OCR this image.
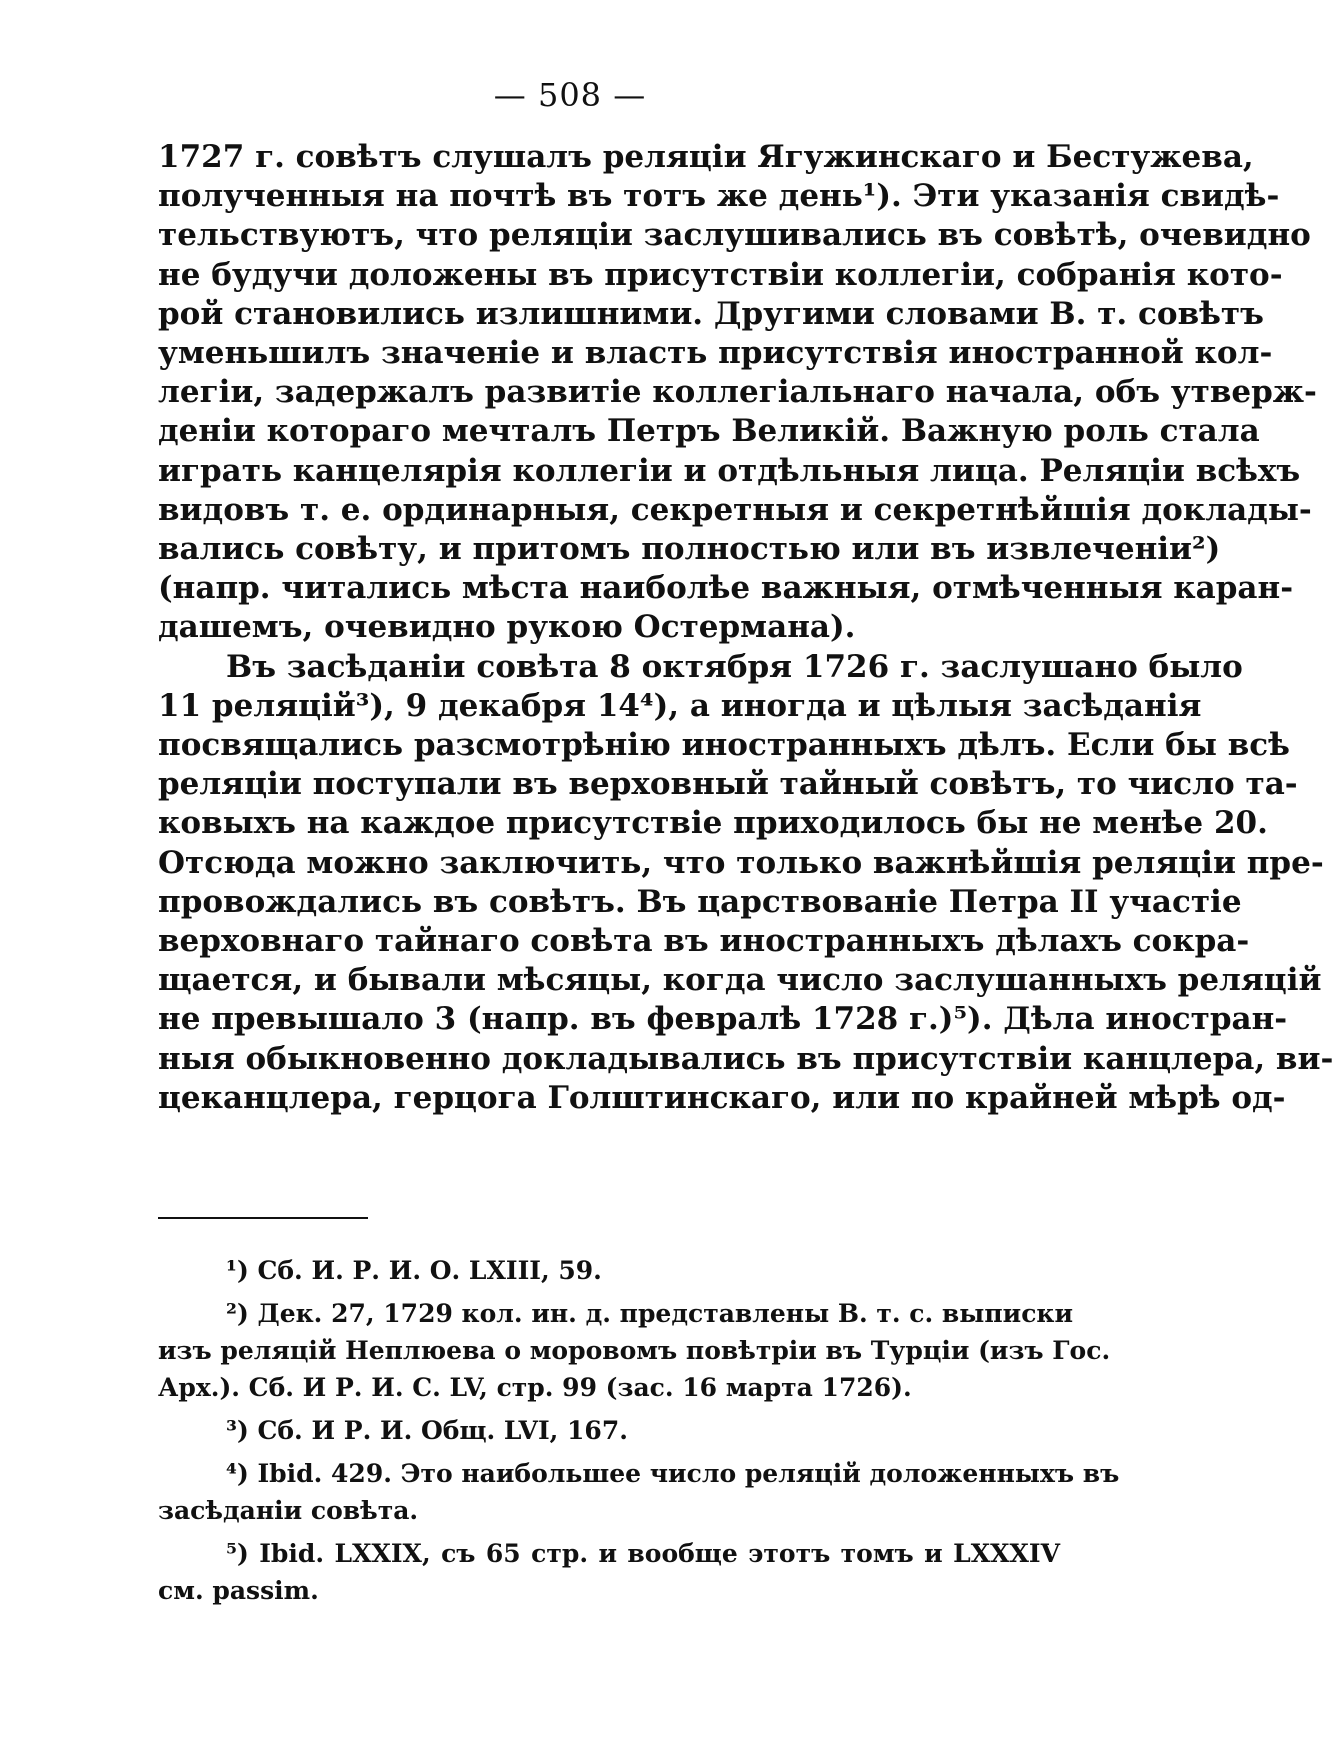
— 508 —
1727 г. совѣтъ слушалъ реляціи Ягужинскаго и Бестужева,
полученныя на почтѣ въ тотъ же день¹). Эти указанія свидѣ-
тельствуютъ, что реляціи заслушивались въ совѣтѣ, очевидно
не будучи доложены въ присутствіи коллегіи, собранія кото-
рой становились излишними. Другими словами В. т. совѣтъ
уменьшилъ значеніе и власть присутствія иностранной кол-
легіи, задержалъ развитіе коллегіальнаго начала, объ утверж-
деніи котораго мечталъ Петръ Великій. Важную роль стала
играть канцелярія коллегіи и отдѣльныя лица. Реляціи всѣхъ
видовъ т. е. ординарныя, секретныя и секретнѣйшія доклады-
вались совѣту, и притомъ полностью или въ извлеченіи²)
(напр. читались мѣста наиболѣе важныя, отмѣченныя каран-
дашемъ, очевидно рукою Остермана).
Въ засѣданіи совѣта 8 октября 1726 г. заслушано было
11 реляцій³), 9 декабря 14⁴), а иногда и цѣлыя засѣданія
посвящались разсмотрѣнію иностранныхъ дѣлъ. Если бы всѣ
реляціи поступали въ верховный тайный совѣтъ, то число та-
ковыхъ на каждое присутствіе приходилось бы не менѣе 20.
Отсюда можно заключить, что только важнѣйшія реляціи пре-
провождались въ совѣтъ. Въ царствованіе Петра II участіе
верховнаго тайнаго совѣта въ иностранныхъ дѣлахъ сокра-
щается, и бывали мѣсяцы, когда число заслушанныхъ реляцій
не превышало 3 (напр. въ февралѣ 1728 г.)⁵). Дѣла иностран-
ныя обыкновенно докладывались въ присутствіи канцлера, ви-
цеканцлера, герцога Голштинскаго, или по крайней мѣрѣ од-
¹) Сб. И. Р. И. О. LXIII, 59.
²) Дек. 27, 1729 кол. ин. д. представлены В. т. с. выписки
изъ реляцій Неплюева о моровомъ повѣтріи въ Турціи (изъ Гос.
Арх.). Сб. И Р. И. С. LV, стр. 99 (зас. 16 марта 1726).
³) Сб. И Р. И. Общ. LVI, 167.
⁴) Ibid. 429. Это наибольшее число реляцій доложенныхъ въ
засѣданіи совѣта.
⁵) Ibid. LXXIX, съ 65 стр. и вообще этотъ томъ и LXXXIV
см. passim.
